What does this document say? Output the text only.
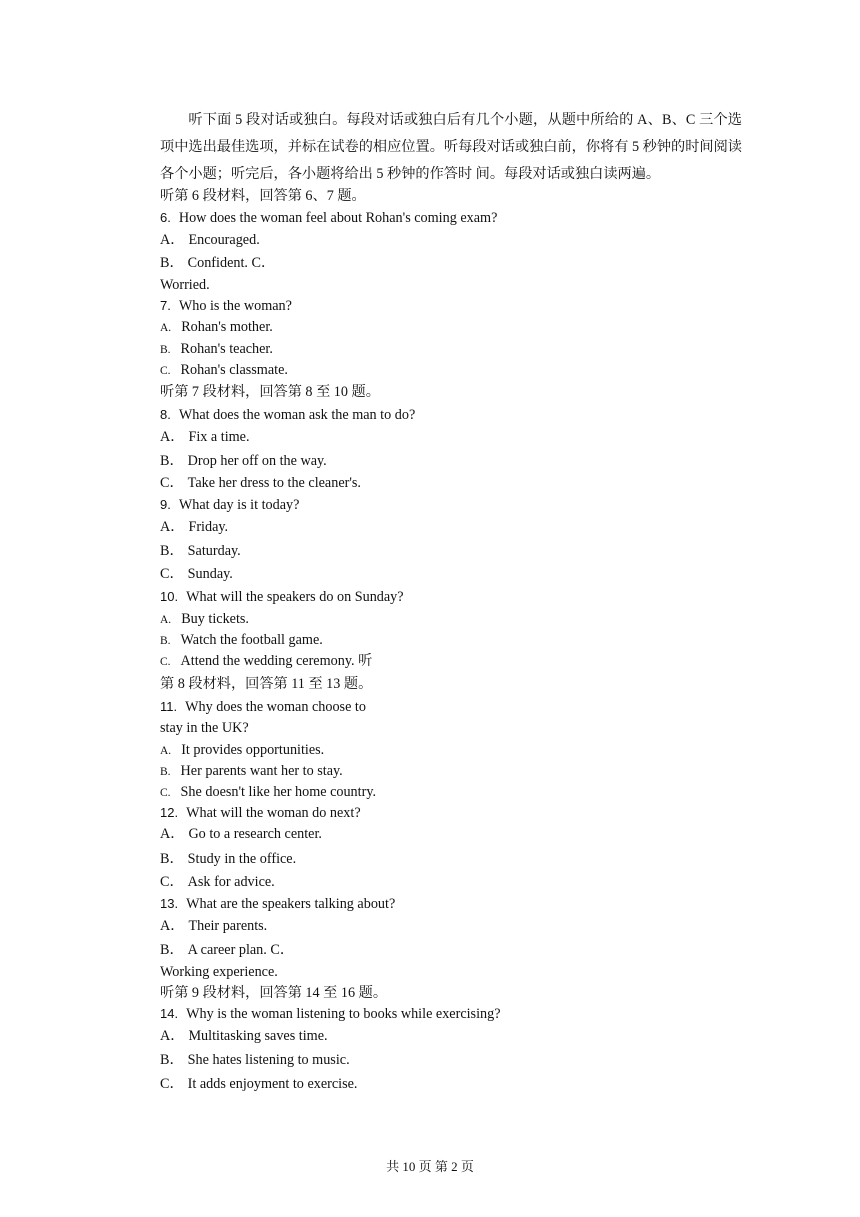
听下面 5 段对话或独白。每段对话或独白后有几个小题，从题中所给的 A、B、C 三个选项中选出最佳选项，并标在试卷的相应位置。听每段对话或独白前，你将有 5 秒钟的时间阅读各个小题；听完后，各小题将给出 5 秒钟的作答时 间。每段对话或独白读两遍。
听第 6 段材料，回答第 6、7 题。
6. How does the woman feel about Rohan's coming exam?
A． Encouraged.
B． Confident. C．
Worried.
7. Who is the woman?
A. Rohan's mother.
B. Rohan's teacher.
C. Rohan's classmate.
听第 7 段材料，回答第 8 至 10 题。
8. What does the woman ask the man to do?
A． Fix a time.
B． Drop her off on the way.
C． Take her dress to the cleaner's.
9. What day is it today?
A． Friday.
B． Saturday.
C． Sunday.
10. What will the speakers do on Sunday?
A. Buy tickets.
B. Watch the football game.
C. Attend the wedding ceremony. 听
第 8 段材料，回答第 11 至 13 题。
11. Why does the woman choose to
stay in the UK?
A. It provides opportunities.
B. Her parents want her to stay.
C. She doesn't like her home country.
12. What will the woman do next?
A． Go to a research center.
B． Study in the office.
C． Ask for advice.
13. What are the speakers talking about?
A． Their parents.
B． A career plan. C．
Working experience.
听第 9 段材料，回答第 14 至 16 题。
14. Why is the woman listening to books while exercising?
A． Multitasking saves time.
B． She hates listening to music.
C． It adds enjoyment to exercise.
共 10 页 第 2 页
